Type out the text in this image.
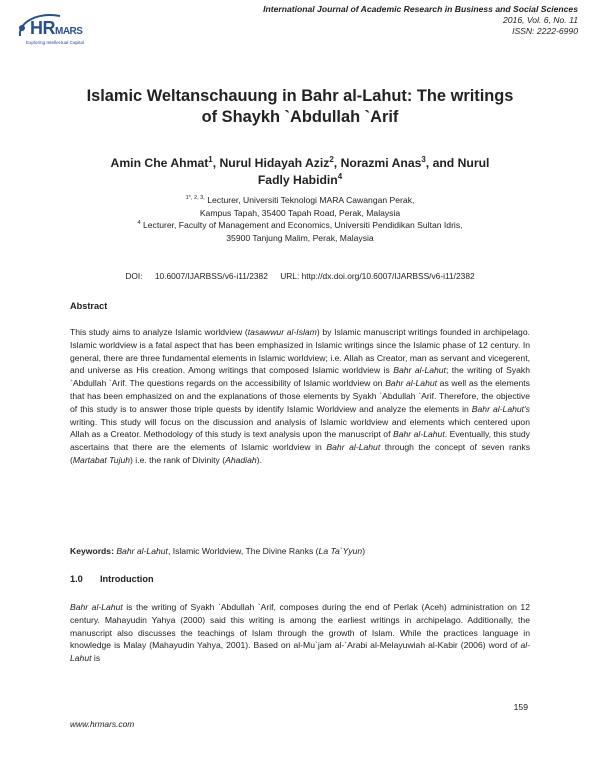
HRMARS
Exploring Intellectual Capital
International Journal of Academic Research in Business and Social Sciences
2016, Vol. 6, No. 11
ISSN: 2222-6990
Islamic Weltanschauung in Bahr al-Lahut: The writings
of Shaykh `Abdullah `Arif
Amin Che Ahmat$^1$, Nurul Hidayah Aziz$^2$, Norazmi Anas$^3$, and Nurul
Fadly Habidin$^4$
$^{1*, 2, 3,}$ Lecturer, Universiti Teknologi MARA Cawangan Perak,
Kampus Tapah, 35400 Tapah Road, Perak, Malaysia
$^4$ Lecturer, Faculty of Management and Economics, Universiti Pendidikan Sultan Idris,
35900 Tanjung Malim, Perak, Malaysia
DOI: 10.6007/IJARBSS/v6-i11/2382 URL: http://dx.doi.org/10.6007/IJARBSS/v6-i11/2382
Abstract
This study aims to analyze Islamic worldview (tasawwur al-Islam) by Islamic manuscript writings founded in archipelago. Islamic worldview is a fatal aspect that has been emphasized in Islamic writings since the Islamic phase of 12 century. In general, there are three fundamental elements in Islamic worldview; i.e. Allah as Creator, man as servant and vicegerent, and universe as His creation. Among writings that composed Islamic worldview is Bahr al-Lahut; the writing of Syakh `Abdullah `Arif. The questions regards on the accessibility of Islamic worldview on Bahr al-Lahut as well as the elements that has been emphasized on and the explanations of those elements by Syakh `Abdullah `Arif. Therefore, the objective of this study is to answer those triple quests by identify Islamic Worldview and analyze the elements in Bahr al-Lahut's writing. This study will focus on the discussion and analysis of Islamic worldview and elements which centered upon Allah as a Creator. Methodology of this study is text analysis upon the manuscript of Bahr al-Lahut. Eventually, this study ascertains that there are the elements of Islamic worldview in Bahr al-Lahut through the concept of seven ranks (Martabat Tujuh) i.e. the rank of Divinity (Ahadiah).
Keywords: Bahr al-Lahut, Islamic Worldview, The Divine Ranks (La Ta`Yyun)
1.0 Introduction
Bahr al-Lahut is the writing of Syakh `Abdullah `Arif, composes during the end of Perlak (Aceh) administration on 12 century. Mahayudin Yahya (2000) said this writing is among the earliest writings in archipelago. Additionally, the manuscript also discusses the teachings of Islam through the growth of Islam. While the practices language in knowledge is Malay (Mahayudin Yahya, 2001). Based on al-Mu`jam al-`Arabi al-Melayuwiah al-Kabir (2006) word of al-Lahut is
159
www.hrmars.com
